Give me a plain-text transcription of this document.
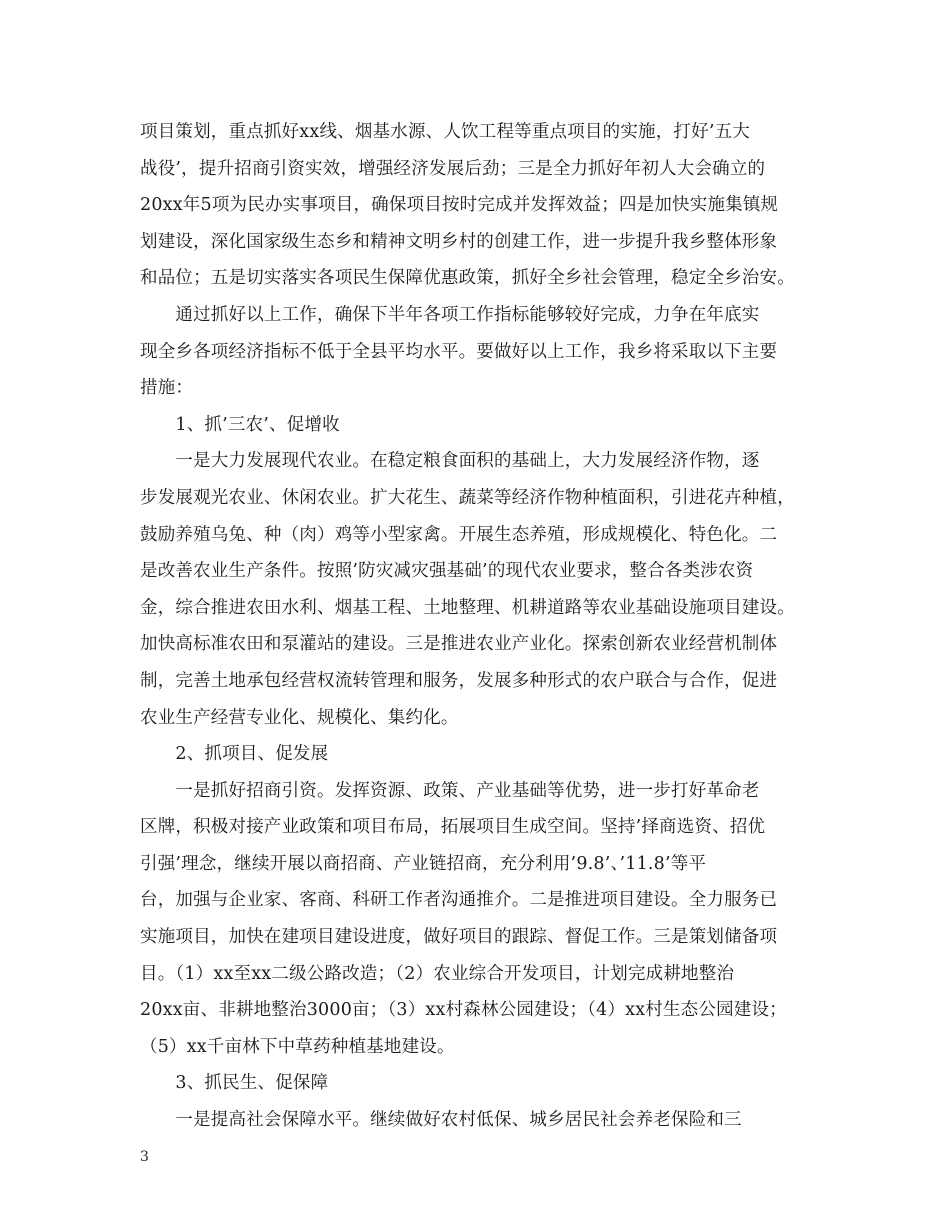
项目策划，重点抓好xx线、烟基水源、人饮工程等重点项目的实施，打好’五大
战役’，提升招商引资实效，增强经济发展后劲；三是全力抓好年初人大会确立的
20xx年5项为民办实事项目，确保项目按时完成并发挥效益；四是加快实施集镇规
划建设，深化国家级生态乡和精神文明乡村的创建工作，进一步提升我乡整体形象
和品位；五是切实落实各项民生保障优惠政策，抓好全乡社会管理，稳定全乡治安。
　　通过抓好以上工作，确保下半年各项工作指标能够较好完成，力争在年底实
现全乡各项经济指标不低于全县平均水平。要做好以上工作，我乡将采取以下主要
措施：
　　1、抓’三农’、促增收
　　一是大力发展现代农业。在稳定粮食面积的基础上，大力发展经济作物，逐
步发展观光农业、休闲农业。扩大花生、蔬菜等经济作物种植面积，引进花卉种植，
鼓励养殖乌兔、种（肉）鸡等小型家禽。开展生态养殖，形成规模化、特色化。二
是改善农业生产条件。按照’防灾减灾强基础’的现代农业要求，整合各类涉农资
金，综合推进农田水利、烟基工程、土地整理、机耕道路等农业基础设施项目建设。
加快高标准农田和泵灌站的建设。三是推进农业产业化。探索创新农业经营机制体
制，完善土地承包经营权流转管理和服务，发展多种形式的农户联合与合作，促进
农业生产经营专业化、规模化、集约化。
　　2、抓项目、促发展
　　一是抓好招商引资。发挥资源、政策、产业基础等优势，进一步打好革命老
区牌，积极对接产业政策和项目布局，拓展项目生成空间。坚持’择商选资、招优
引强’理念，继续开展以商招商、产业链招商，充分利用’9.8’、’11.8’等平
台，加强与企业家、客商、科研工作者沟通推介。二是推进项目建设。全力服务已
实施项目，加快在建项目建设进度，做好项目的跟踪、督促工作。三是策划储备项
目。（1）xx至xx二级公路改造；（2）农业综合开发项目，计划完成耕地整治
20xx亩、非耕地整治3000亩；（3）xx村森林公园建设；（4）xx村生态公园建设；
（5）xx千亩林下中草药种植基地建设。
　　3、抓民生、促保障
　　一是提高社会保障水平。继续做好农村低保、城乡居民社会养老保险和三
3
